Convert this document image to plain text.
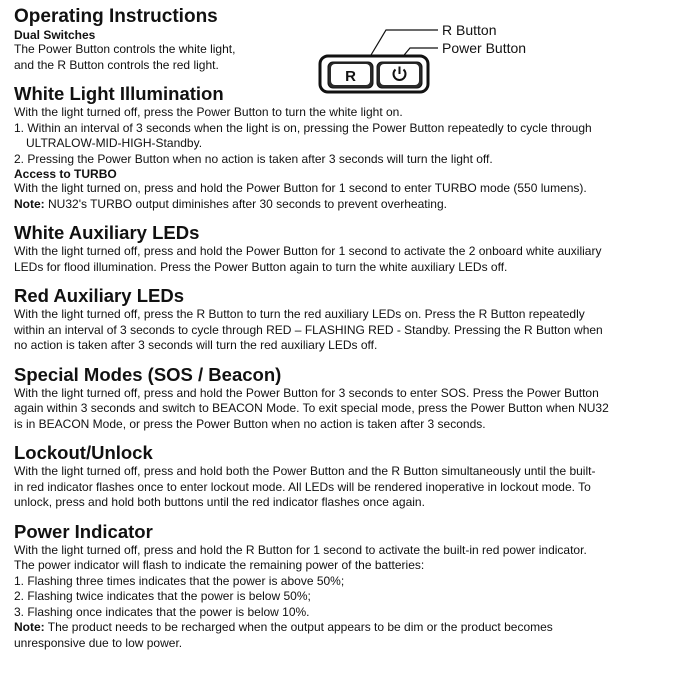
Operating Instructions
Dual Switches

The Power Button controls the white light,

and the R Button controls the red light.

White Light Illumination

With the light turned off, press the Power Button to turn the white light on.

1. Within an interval of 3 seconds when the light is on, pressing the Power Button repeatedly to cycle through

ULTRALOW-MID-HIGH-Standby.

2. Pressing the Power Button when no action is taken after 3 seconds will turn the light off.

Access to TURBO

With the light turned on, press and hold the Power Button for 1 second to enter TURBO mode (550 lumens).

Note: NU32's TURBO output diminishes after 30 seconds to prevent overheating.

White Auxiliary LEDs

With the light turned off, press and hold the Power Button for 1 second to activate the 2 onboard white auxiliary

LEDs for flood illumination. Press the Power Button again to turn the white auxiliary LEDs off.

Red Auxiliary LEDs

With the light turned off, press the R Button to turn the red auxiliary LEDs on. Press the R Button repeatedly

within an interval of 3 seconds to cycle through RED – FLASHING RED - Standby. Pressing the R Button when

no action is taken after 3 seconds will turn the red auxiliary LEDs off.

Special Modes (SOS / Beacon)

With the light turned off, press and hold the Power Button for 3 seconds to enter SOS. Press the Power Button

again within 3 seconds and switch to BEACON Mode. To exit special mode, press the Power Button when NU32

is in BEACON Mode, or press the Power Button when no action is taken after 3 seconds.

Lockout/Unlock

With the light turned off, press and hold both the Power Button and the R Button simultaneously until the built-

in red indicator flashes once to enter lockout mode. All LEDs will be rendered inoperative in lockout mode. To

unlock, press and hold both buttons until the red indicator flashes once again.

Power Indicator

With the light turned off, press and hold the R Button for 1 second to activate the built-in red power indicator.

The power indicator will flash to indicate the remaining power of the batteries:

1. Flashing three times indicates that the power is above 50%;

2. Flashing twice indicates that the power is below 50%;

3. Flashing once indicates that the power is below 10%.

Note: The product needs to be recharged when the output appears to be dim or the product becomes

unresponsive due to low power.

R
R Button
Power Button
